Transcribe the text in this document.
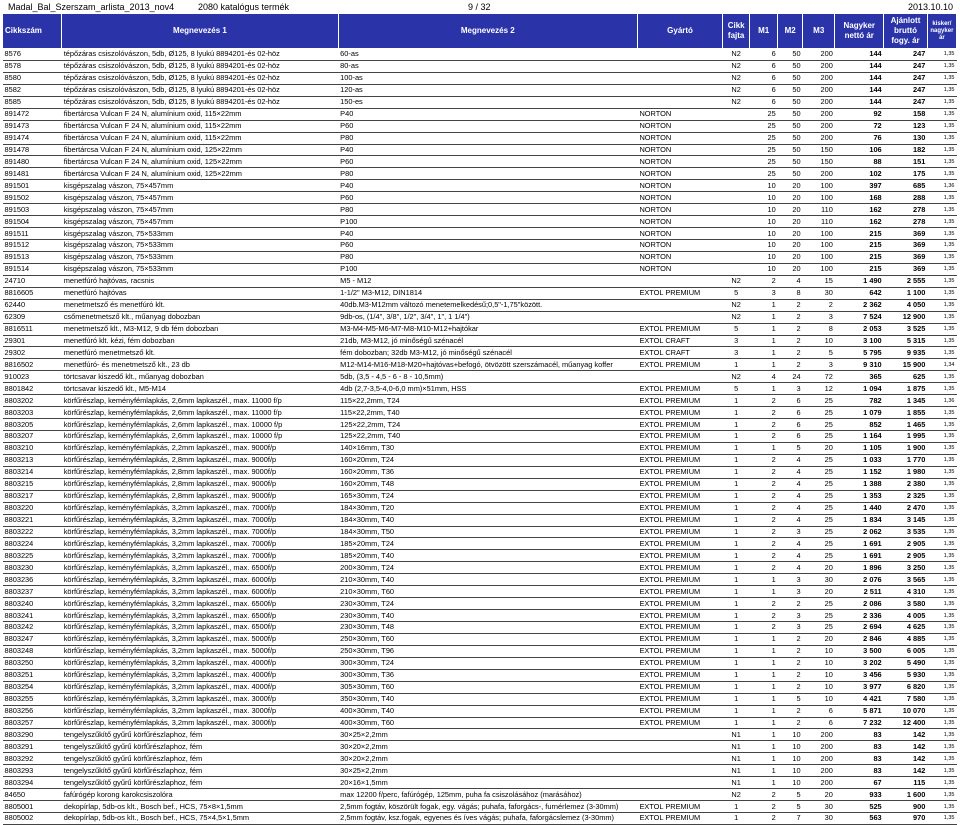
Madal_Bal_Szerszam_arlista_2013_nov4	2080 katalógus termék	9 / 32	2013.10.10
Cikkszám	Megnevezés 1	Megnevezés 2	Gyártó	Cikk
fajta	M1	M2	M3	Nagyker
nettó ár	Ajánlott
bruttó
fogy. ár	kisker/
nagyker
ár

8576	tépőzáras csiszolóvászon, 5db, Ø125, 8 lyukú 8894201-és 02-höz	60-as		N2	6	50	200	144	247	1,35
8578	tépőzáras csiszolóvászon, 5db, Ø125, 8 lyukú 8894201-és 02-höz	80-as		N2	6	50	200	144	247	1,35
8580	tépőzáras csiszolóvászon, 5db, Ø125, 8 lyukú 8894201-és 02-höz	100-as		N2	6	50	200	144	247	1,35
8582	tépőzáras csiszolóvászon, 5db, Ø125, 8 lyukú 8894201-és 02-höz	120-as		N2	6	50	200	144	247	1,35
8585	tépőzáras csiszolóvászon, 5db, Ø125, 8 lyukú 8894201-és 02-höz	150-es		N2	6	50	200	144	247	1,35
891472	fibertárcsa Vulcan F 24 N, alumínium oxid, 115×22mm	P40	NORTON		25	50	200	92	158	1,35
891473	fibertárcsa Vulcan F 24 N, alumínium oxid, 115×22mm	P60	NORTON		25	50	200	72	123	1,35
891474	fibertárcsa Vulcan F 24 N, alumínium oxid, 115×22mm	P80	NORTON		25	50	200	76	130	1,35
891478	fibertárcsa Vulcan F 24 N, alumínium oxid, 125×22mm	P40	NORTON		25	50	150	106	182	1,35
891480	fibertárcsa Vulcan F 24 N, alumínium oxid, 125×22mm	P60	NORTON		25	50	150	88	151	1,35
891481	fibertárcsa Vulcan F 24 N, alumínium oxid, 125×22mm	P80	NORTON		25	50	200	102	175	1,35
891501	kisgépszalag vászon, 75×457mm	P40	NORTON		10	20	100	397	685	1,36
891502	kisgépszalag vászon, 75×457mm	P60	NORTON		10	20	100	168	288	1,35
891503	kisgépszalag vászon, 75×457mm	P80	NORTON		10	20	110	162	278	1,35
891504	kisgépszalag vászon, 75×457mm	P100	NORTON		10	20	110	162	278	1,35
891511	kisgépszalag vászon, 75×533mm	P40	NORTON		10	20	100	215	369	1,35
891512	kisgépszalag vászon, 75×533mm	P60	NORTON		10	20	100	215	369	1,35
891513	kisgépszalag vászon, 75×533mm	P80	NORTON		10	20	100	215	369	1,35
891514	kisgépszalag vászon, 75×533mm	P100	NORTON		10	20	100	215	369	1,35
24710	menetfúró hajtóvas, racsnis	M5 - M12		N2	2	4	15	1 490	2 555	1,35
8816605	menetfúró hajtóvas	1-1/2" M3-M12, DIN1814	EXTOL PREMIUM	5	3	8	30	642	1 100	1,35
62440	menetmetsző és menetfúró klt.	40db.M3-M12mm változó menetemelkedésű;0,5"-1,75"között.		N2	1	2	2	2 362	4 050	1,35
62309	csőmenetmetsző klt., műanyag dobozban	9db-os, (1/4", 3/8", 1/2", 3/4", 1", 1 1/4")		N2	1	2	3	7 524	12 900	1,35
8816511	menetmetsző klt., M3-M12, 9 db fém dobozban	M3-M4-M5-M6-M7-M8-M10-M12+hajtókar	EXTOL PREMIUM	5	1	2	8	2 053	3 525	1,35
29301	menetfúró klt. kézi, fém dobozban	21db, M3-M12, jó minőségű szénacél	EXTOL CRAFT	3	1	2	10	3 100	5 315	1,35
29302	menetfúró menetmetsző klt.	fém dobozban; 32db M3-M12, jó minőségű szénacél	EXTOL CRAFT	3	1	2	5	5 795	9 935	1,35
8816502	menetfúró- és menetmetsző klt., 23 db	M12-M14-M16-M18-M20+hajtóvas+befogó, ötvözött szerszámacél, műanyag koffer	EXTOL PREMIUM	1	1	2	3	9 310	15 900	1,34
910023	törtcsavar kiszedő klt., műanyag dobozban	5db, (3,5 - 4,5 - 6 - 8 - 10,5mm)		N2	4	24	72	365	625	1,35
8801842	törtcsavar kiszedő klt., M5-M14	4db (2,7-3,5-4,0-6,0 mm)×51mm, HSS	EXTOL PREMIUM	5	1	3	12	1 094	1 875	1,35
8803202	körfűrészlap, keményfémlapkás, 2,6mm lapkaszél., max. 11000 f/p	115×22,2mm, T24	EXTOL PREMIUM	1	2	6	25	782	1 345	1,36
8803203	körfűrészlap, keményfémlapkás, 2,6mm lapkaszél., max. 11000 f/p	115×22,2mm, T40	EXTOL PREMIUM	1	2	6	25	1 079	1 855	1,35
8803205	körfűrészlap, keményfémlapkás, 2,6mm lapkaszél., max. 10000 f/p	125×22,2mm, T24	EXTOL PREMIUM	1	2	6	25	852	1 465	1,35
8803207	körfűrészlap, keményfémlapkás, 2,6mm lapkaszél., max. 10000 f/p	125×22,2mm, T40	EXTOL PREMIUM	1	2	6	25	1 164	1 995	1,35
8803210	körfűrészlap, keményfémlapkás, 2,2mm lapkaszél., max. 9000f/p	140×16mm, T30	EXTOL PREMIUM	1	1	5	20	1 105	1 900	1,35
8803213	körfűrészlap, keményfémlapkás, 2,8mm lapkaszél., max. 9000f/p	160×20mm, T24	EXTOL PREMIUM	1	2	4	25	1 033	1 770	1,35
8803214	körfűrészlap, keményfémlapkás, 2,8mm lapkaszél., max. 9000f/p	160×20mm, T36	EXTOL PREMIUM	1	2	4	25	1 152	1 980	1,35
8803215	körfűrészlap, keményfémlapkás, 2,8mm lapkaszél., max. 9000f/p	160×20mm, T48	EXTOL PREMIUM	1	2	4	25	1 388	2 380	1,35
8803217	körfűrészlap, keményfémlapkás, 2,8mm lapkaszél., max. 9000f/p	165×30mm, T24	EXTOL PREMIUM	1	2	4	25	1 353	2 325	1,35
8803220	körfűrészlap, keményfémlapkás, 3,2mm lapkaszél., max. 7000f/p	184×30mm, T20	EXTOL PREMIUM	1	2	4	25	1 440	2 470	1,35
8803221	körfűrészlap, keményfémlapkás, 3,2mm lapkaszél., max. 7000f/p	184×30mm, T40	EXTOL PREMIUM	1	2	4	25	1 834	3 145	1,35
8803222	körfűrészlap, keményfémlapkás, 3,2mm lapkaszél., max. 7000f/p	184×30mm, T50	EXTOL PREMIUM	1	2	3	25	2 062	3 535	1,35
8803224	körfűrészlap, keményfémlapkás, 3,2mm lapkaszél., max. 7000f/p	185×20mm, T24	EXTOL PREMIUM	1	2	4	25	1 691	2 905	1,35
8803225	körfűrészlap, keményfémlapkás, 3,2mm lapkaszél., max. 7000f/p	185×20mm, T40	EXTOL PREMIUM	1	2	4	25	1 691	2 905	1,35
8803230	körfűrészlap, keményfémlapkás, 3,2mm lapkaszél., max. 6500f/p	200×30mm, T24	EXTOL PREMIUM	1	2	4	20	1 896	3 250	1,35
8803236	körfűrészlap, keményfémlapkás, 3,2mm lapkaszél., max. 6000f/p	210×30mm, T40	EXTOL PREMIUM	1	1	3	30	2 076	3 565	1,35
8803237	körfűrészlap, keményfémlapkás, 3,2mm lapkaszél., max. 6000f/p	210×30mm, T60	EXTOL PREMIUM	1	1	3	20	2 511	4 310	1,35
8803240	körfűrészlap, keményfémlapkás, 3,2mm lapkaszél., max. 6500f/p	230×30mm, T24	EXTOL PREMIUM	1	2	2	25	2 086	3 580	1,35
8803241	körfűrészlap, keményfémlapkás, 3,2mm lapkaszél., max. 6500f/p	230×30mm, T40	EXTOL PREMIUM	1	2	3	25	2 336	4 005	1,35
8803242	körfűrészlap, keményfémlapkás, 3,2mm lapkaszél., max. 6500f/p	230×30mm, T48	EXTOL PREMIUM	1	2	3	25	2 694	4 625	1,35
8803247	körfűrészlap, keményfémlapkás, 3,2mm lapkaszél., max. 5000f/p	250×30mm, T60	EXTOL PREMIUM	1	1	2	20	2 846	4 885	1,35
8803248	körfűrészlap, keményfémlapkás, 3,2mm lapkaszél., max. 5000f/p	250×30mm, T96	EXTOL PREMIUM	1	1	2	10	3 500	6 005	1,35
8803250	körfűrészlap, keményfémlapkás, 3,2mm lapkaszél., max. 4000f/p	300×30mm, T24	EXTOL PREMIUM	1	1	2	10	3 202	5 490	1,35
8803251	körfűrészlap, keményfémlapkás, 3,2mm lapkaszél., max. 4000f/p	300×30mm, T36	EXTOL PREMIUM	1	1	2	10	3 456	5 930	1,35
8803254	körfűrészlap, keményfémlapkás, 3,2mm lapkaszél., max. 4000f/p	305×30mm, T60	EXTOL PREMIUM	1	1	2	10	3 977	6 820	1,35
8803255	körfűrészlap, keményfémlapkás, 3,2mm lapkaszél., max. 3000f/p	350×30mm, T40	EXTOL PREMIUM	1	1	5	10	4 421	7 580	1,35
8803256	körfűrészlap, keményfémlapkás, 3,2mm lapkaszél., max. 3000f/p	400×30mm, T40	EXTOL PREMIUM	1	1	2	6	5 871	10 070	1,35
8803257	körfűrészlap, keményfémlapkás, 3,2mm lapkaszél., max. 3000f/p	400×30mm, T60	EXTOL PREMIUM	1	1	2	6	7 232	12 400	1,35
8803290	tengelyszűkítő gyűrű körfűrészlaphoz, fém	30×25×2,2mm		N1	1	10	200	83	142	1,35
8803291	tengelyszűkítő gyűrű körfűrészlaphoz, fém	30×20×2,2mm		N1	1	10	200	83	142	1,35
8803292	tengelyszűkítő gyűrű körfűrészlaphoz, fém	30×20×2,2mm		N1	1	10	200	83	142	1,35
8803293	tengelyszűkítő gyűrű körfűrészlaphoz, fém	30×25×2,2mm		N1	1	10	200	83	142	1,35
8803294	tengelyszűkítő gyűrű körfűrészlaphoz, fém	20×16×1,5mm		N1	1	10	200	67	115	1,35
84650	fafúrógép korong karokcsiszolóra	max 12200 f/perc, fafúrógép, 125mm, puha fa csiszolásához (marásához)		N2	2	5	20	933	1 600	1,35
8805001	dekopírlap, 5db-os klt., Bosch bef., HCS, 75×8×1,5mm	2,5mm fogtáv, köszörült fogak, egy. vágás; puhafa, faforgács-, furnérlemez (3-30mm)	EXTOL PREMIUM	1	2	5	30	525	900	1,35
8805002	dekopírlap, 5db-os klt., Bosch bef., HCS, 75×4,5×1,5mm	2,5mm fogtáv, ksz.fogak, egyenes és íves vágás; puhafa, faforgácslemez (3-30mm)	EXTOL PREMIUM	1	2	7	30	563	970	1,35
